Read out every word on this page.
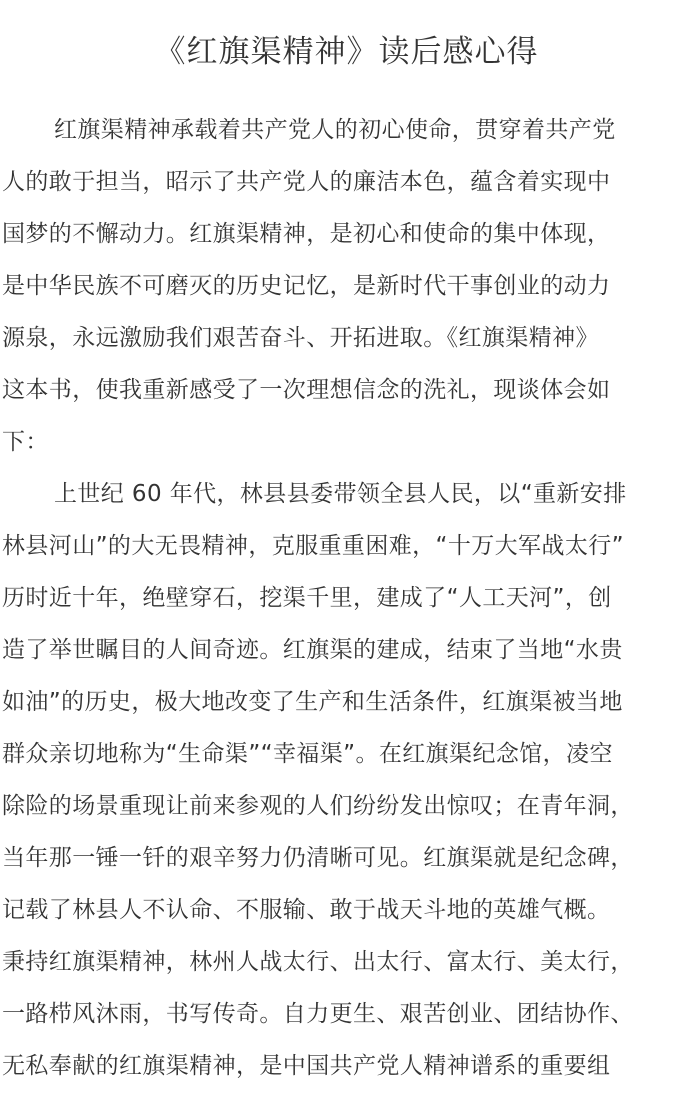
《红旗渠精神》读后感心得
红旗渠精神承载着共产党人的初心使命，贯穿着共产党
人的敢于担当，昭示了共产党人的廉洁本色，蕴含着实现中
国梦的不懈动力。红旗渠精神，是初心和使命的集中体现，
是中华民族不可磨灭的历史记忆，是新时代干事创业的动力
源泉，永远激励我们艰苦奋斗、开拓进取。《红旗渠精神》
这本书，使我重新感受了一次理想信念的洗礼，现谈体会如
下：
上世纪 60 年代，林县县委带领全县人民，以“重新安排
林县河山”的大无畏精神，克服重重困难，“十万大军战太行”
历时近十年，绝壁穿石，挖渠千里，建成了“人工天河”，创
造了举世瞩目的人间奇迹。红旗渠的建成，结束了当地“水贵
如油”的历史，极大地改变了生产和生活条件，红旗渠被当地
群众亲切地称为“生命渠”“幸福渠”。在红旗渠纪念馆，凌空
除险的场景重现让前来参观的人们纷纷发出惊叹；在青年洞，
当年那一锤一钎的艰辛努力仍清晰可见。红旗渠就是纪念碑，
记载了林县人不认命、不服输、敢于战天斗地的英雄气概。
秉持红旗渠精神，林州人战太行、出太行、富太行、美太行，
一路栉风沐雨，书写传奇。自力更生、艰苦创业、团结协作、
无私奉献的红旗渠精神，是中国共产党人精神谱系的重要组
